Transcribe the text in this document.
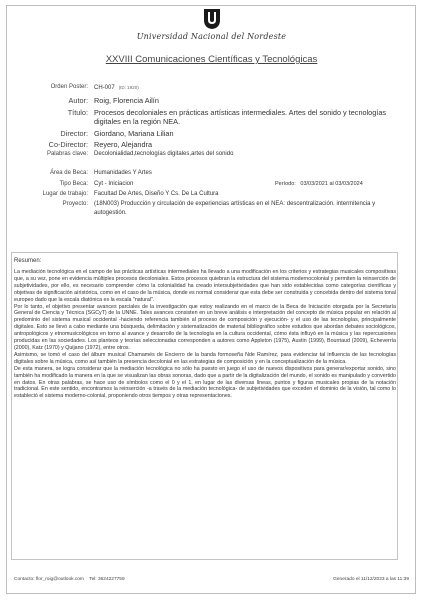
Universidad Nacional del Nordeste
XXVIII Comunicaciones Científicas y Tecnológicas
Orden Poster: CH-007 (ID: 1920)
Autor: Roig, Florencia Ailín
Título: Procesos decoloniales en prácticas artísticas intermediales. Artes del sonido y tecnologías
digitales en la región NEA.
Director: Giordano, Mariana Lilian
Co-Director: Reyero, Alejandra
Palabras clave: Decolonialidad,tecnologías digitales,artes del sonido
Área de Beca: Humanidades Y Artes
Tipo Beca: Cyt - Iniciacion	Período: 03/03/2021 al 03/03/2024
Lugar de trabajo: Facultad De Artes, Diseño Y Cs. De La Cultura
Proyecto: (18N003) Producción y circulación de experiencias artísticas en el NEA: descentralización. intermitencia y
autogestión.
Resumen:

La mediación tecnológica en el campo de las prácticas artísticas intermediales ha llevado a una modificación en los criterios y estrategias musicales compositivas que, a su vez, pone en evidencia múltiples procesos decoloniales. Estos procesos quiebran la estructura del sistema modernocolonial y permiten la reinserción de subjetividades, por ello, es necesario comprender cómo la colonialidad ha creado intersubjetividades que han sido establecidas como categorías científicas y objetivas de significación aíristórica, como en el caso de la música, donde es normal considerar que esta debe ser construida y concebida dentro del sistema tonal europeo dado que la escala diatónica es la escala "natural".

Por lo tanto, el objetivo presentar avances parciales de la investigación que estoy realizando en el marco de la Beca de Iniciación otorgada por la Secretaría General de Ciencia y Técnica (SGCyT) de la UNNE. Tales avances consisten en un breve análisis e interpretación del concepto de música popular en relación al predominio del sistema musical occidental -haciendo referencia también al proceso de composición y ejecución- y el uso de las tecnologías, principalmente digitales. Esto se llevó a cabo mediante una búsqueda, delimitación y sistematización de material bibliográfico sobre estudios que abordan debates sociológicos, antropológicos y etnomusicológicos en torno al avance y desarrollo de la tecnología en la cultura occidental, cómo ésta influyó en la música y las repercusiones producidas en las sociedades. Los planteos y teorías seleccionadas corresponden a autores como Appleton (1975), Austin (1999), Bourriaud (2009), Echeverría (2000), Katz (1970) y Quijano (1972), entre otros.

Asimismo, se tomó el caso del álbum musical Chamamés de Encierro de la banda formoseña Nde Ramírez, para evidenciar tal influencia de las tecnologías digitales sobre la música, como así también la presencia decolonial en las estrategias de composición y en la conceptualización de la música.

De esta manera, se logra considerar que la mediación tecnológica no sólo ha puesto en juego el uso de nuevos dispositivos para generar/exportar sonido, sino también ha modificado la manera en la que se visualizan las obras sonoras, dado que a partir de la digitalización del mundo, el sonido es manipulado y convertido en datos. En otras palabras, se hace uso de símbolos como el 0 y el 1, en lugar de las diversas líneas, puntos y figuras musicales propias de la notación tradicional. En este sentido, encontramos la reinserción -a través de la mediación tecnológica- de subjetividades que exceden el dominio de la visión, tal como lo estableció el sistema moderno-colonial, proponiendo otros tiempos y otras representaciones.

Contacto: flor_roig@outlook.com    Tel: 3624227759	Generado el 11/12/2023 a las 11:39
